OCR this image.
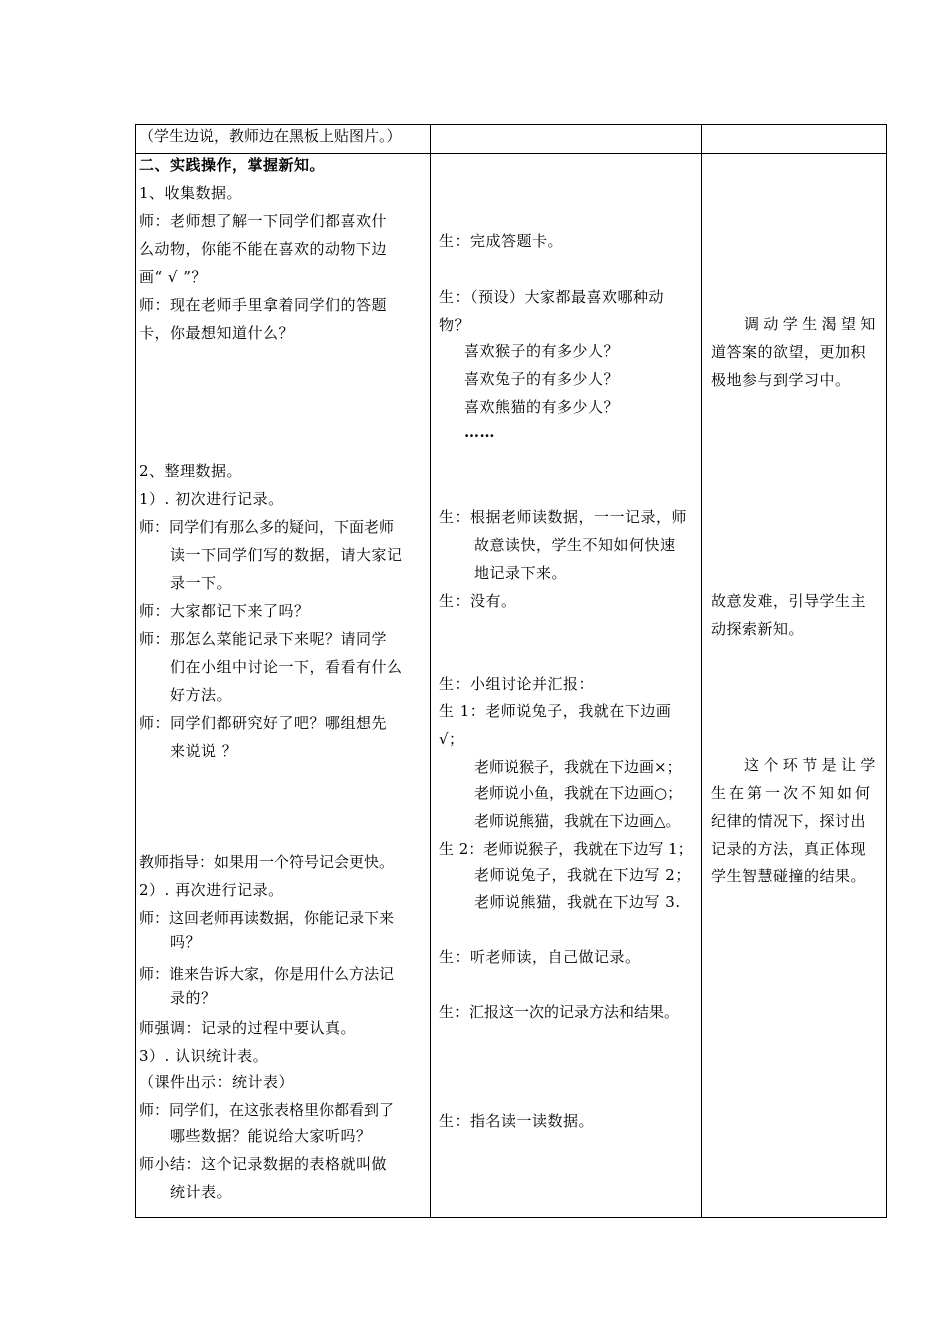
（学生边说，教师边在黑板上贴图片。）
二、实践操作，掌握新知。
1、收集数据。
师：老师想了解一下同学们都喜欢什
么动物，你能不能在喜欢的动物下边
画“ √ ”？
师：现在老师手里拿着同学们的答题
卡，你最想知道什么？
2、整理数据。
1）. 初次进行记录。
师：同学们有那么多的疑问，下面老师
读一下同学们写的数据，请大家记
录一下。
师：大家都记下来了吗？
师：那怎么菜能记录下来呢？请同学
们在小组中讨论一下，看看有什么
好方法。
师：同学们都研究好了吧？哪组想先
来说说 ？
教师指导：如果用一个符号记会更快。
2）. 再次进行记录。
师：这回老师再读数据，你能记录下来
吗？
师：谁来告诉大家，你是用什么方法记
录的？
师强调：记录的过程中要认真。
3）. 认识统计表。
（课件出示：统计表）
师：同学们，在这张表格里你都看到了
哪些数据？能说给大家听吗？
师小结：这个记录数据的表格就叫做
统计表。
生：完成答题卡。
生：（预设）大家都最喜欢哪种动
物？
喜欢猴子的有多少人？
喜欢兔子的有多少人？
喜欢熊猫的有多少人？
……
生：根据老师读数据，一一记录，师
故意读快，学生不知如何快速
地记录下来。
生：没有。
生：小组讨论并汇报：
生 1：老师说兔子，我就在下边画
√；
老师说猴子，我就在下边画×；
老师说小鱼，我就在下边画○；
老师说熊猫，我就在下边画△。
生 2：老师说猴子，我就在下边写 1；
老师说兔子，我就在下边写 2；
老师说熊猫，我就在下边写 3.
生：听老师读，自己做记录。
生：汇报这一次的记录方法和结果。
生：指名读一读数据。
调动学生渴望知
道答案的欲望，更加积
极地参与到学习中。
故意发难，引导学生主
动探索新知。
这个环节是让学
生在第一次不知如何
纪律的情况下，探讨出
记录的方法，真正体现
学生智慧碰撞的结果。
